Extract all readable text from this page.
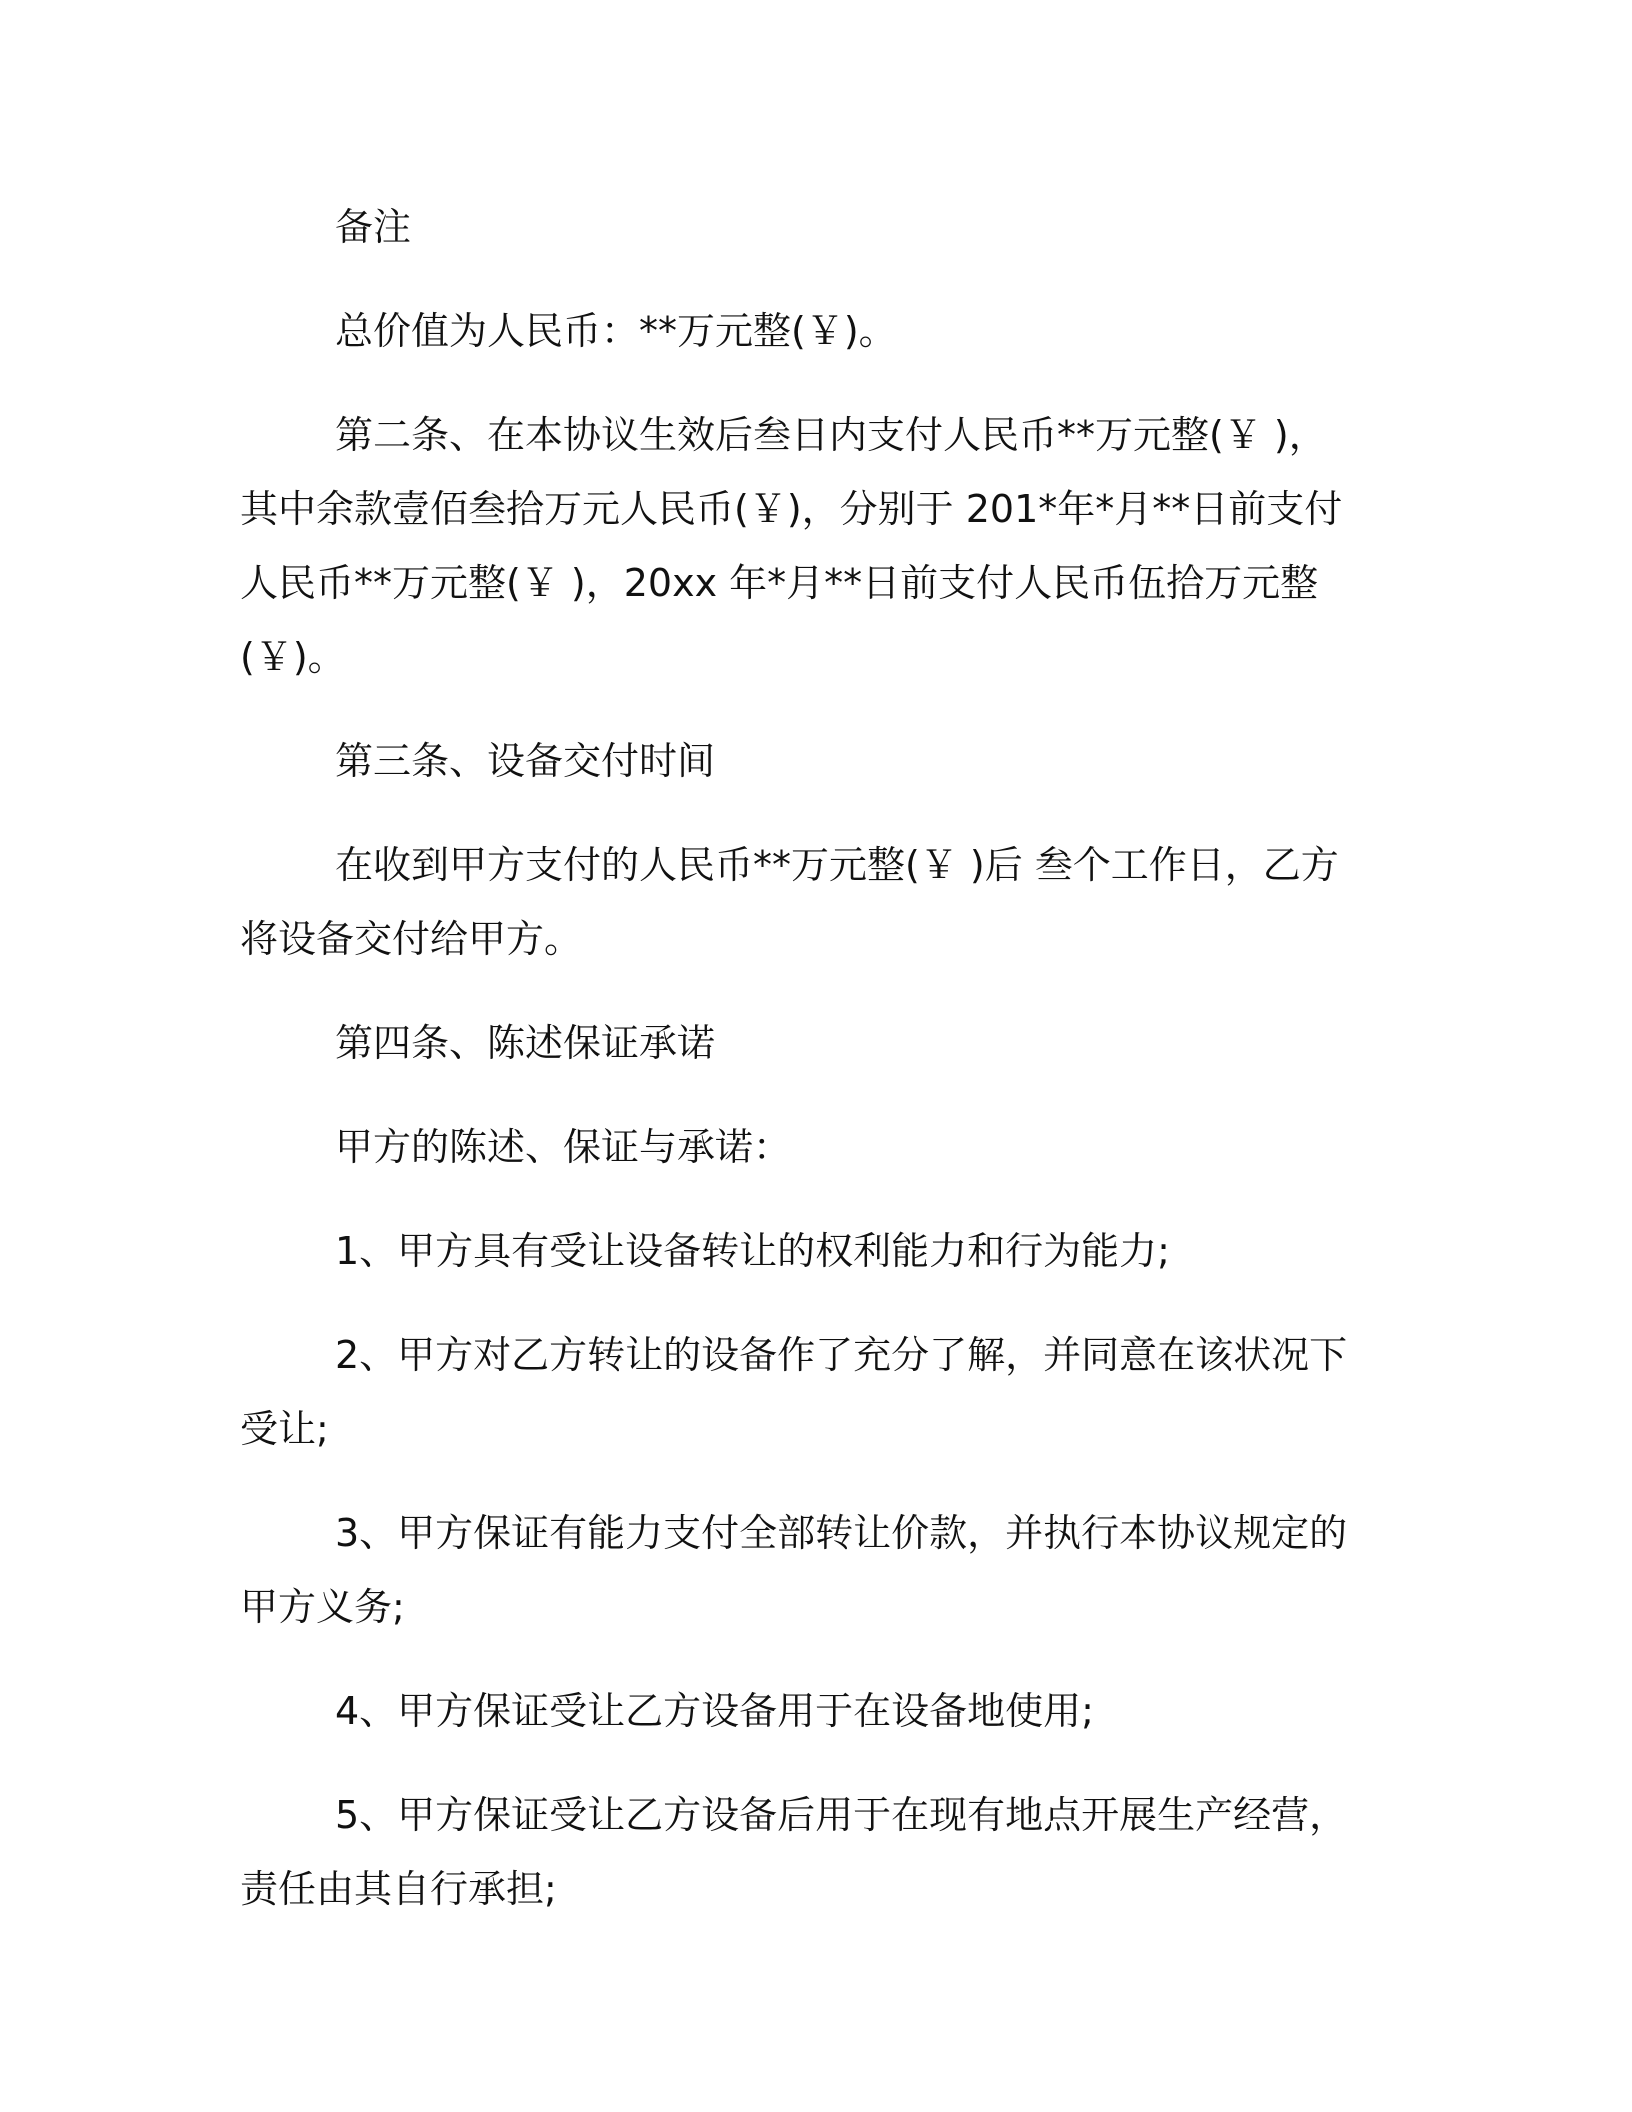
备注

总价值为人民币：**万元整(￥)。

第二条、在本协议生效后叁日内支付人民币**万元整(￥ )，其中余款壹佰叁拾万元人民币(￥)，分别于 201*年*月**日前支付人民币**万元整(￥ )，20xx 年*月**日前支付人民币伍拾万元整(￥)。

第三条、设备交付时间

在收到甲方支付的人民币**万元整(￥ )后 叁个工作日，乙方将设备交付给甲方。

第四条、陈述保证承诺

甲方的陈述、保证与承诺：

1、甲方具有受让设备转让的权利能力和行为能力;

2、甲方对乙方转让的设备作了充分了解，并同意在该状况下受让;

3、甲方保证有能力支付全部转让价款，并执行本协议规定的甲方义务;

4、甲方保证受让乙方设备用于在设备地使用;

5、甲方保证受让乙方设备后用于在现有地点开展生产经营，责任由其自行承担;
